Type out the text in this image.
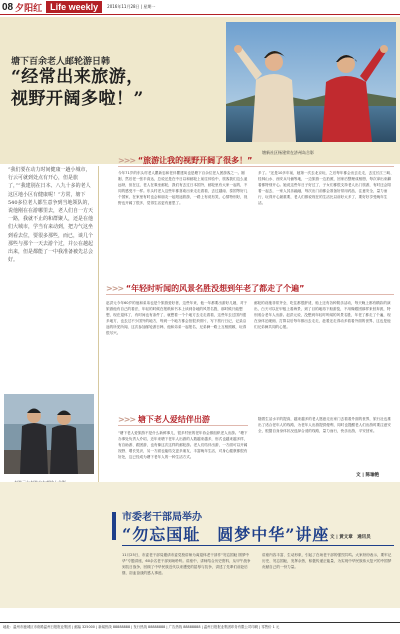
08 夕阳红 Life weekly	2016年11月28日 | 星期一
塘下百余老人邮轮游日韩
“经常出来旅游，
视野开阔多啦！”
塘新社区杨建荣在济州岛合影
“我们要在动力时间健康一趟小城市，行云可就到处点有开心，但是旅了，”“我建别在日本、八九十多的老人这区地小区有健康呢！”方常，塘下540多位老人都生意争到当地领队的，说他刚在在游哪里去，老人们自一方天一路，我就不止的和群聚人，还是在他们大城市，学当有来动到，把力气这坐到看去位，要很多那些，而已，谈几个那些与那个一天去游个过，并公在越起出来，但是都能了一中我准备被先总会好。
>>> “旅游让我的视野开阔了很多！”
今年71岁的东头村老人瞿新忠和老伴瞿建凤也是塘下百余位老人团游客之一。刚刚，然后老一张半高达，总说还是在中日以和邮轮上前往体验中，旅客我们这么遥远呀，但在这，老人在乘坐邮轮，我们有去过日本国外，邮轮里有大家一起的，不同的感受不一样。东头村老人这些年都喜欢出来走走看看，去过越南、泰国等好几个国家，在家里有时也会和朋友一起短途旅游，一路上有说有笑，心情特别好，视野也开阔了很多，觉得生活更有意思了。
多了。”还是10多年前，她第一次去北京玩，之后每年都会出去走走，去过长江三峡、桂林山水、西安兵马俑等地，一边旅游一边拍照，回家后整理成相册，每次拿出来翻看都特别开心。她说这些年日子好过了，子女们都很支持老人出门旅游，有时还会陪着一起去，一家人其乐融融，每次出门前都会准备好常用药品，注意安全，量力而行，玩得开心最重要，老人们都说现在的生活比以前好太多了，要好好享受晚年生活。
>>> “年轻时听闻的风景名胜没想到年老了都走了个遍”
赵洪元今年60岁的他和弟弟也是个旅游爱好者，这些年来，他一年都要出游好几趟，对于旅游他有自己的看法，年轻的时候在报纸和书本上读到各地的风景名胜，那时候只能想想，现在退休了，有时间也有条件了，就想着一个个地方去走走看看，这些年去过国内很多地方，也去过不少国外的地方，每到一个地方都会拍很多照片，写下旅行日记，记录沿途的所见所闻，这次参加邮轮游日韩，他和弟弟一起报名，兄弟俩一路上互相照顾，玩得很尽兴。
邮轮的设施非常齐全，吃住都很舒适，船上还有各种娱乐活动，每天晚上都有精彩的演出，白天可以在甲板上看海景，到了目的地再下船游览，不用像跟团那样来回奔波，特别适合老年人出游。赵洪元说，没想到年轻时听闻的风景名胜，年老了都走了个遍，现在身体还硬朗，打算以后每年都出去走走，趁着还走得动多看看外面的世界，这也是他们兄弟俩共同的心愿。
>>> 塘下老人爱结伴出游
“塘下老人爱旅游不是什么新鲜事儿，很多村里的老年协会都组织老人出游。”塘下办事处负责人介绍，近年来塘下老年人出游的人数越来越多，形式也越来越多样，有自助游、跟团游，也有像这次这样的邮轮游。老人们结伴出游，一方面可以开阔视野、增长见识，另一方面也能结交更多朋友，丰富晚年生活，对身心健康都很有好处，这已经成为塘下老年人的一种生活方式。
随着生活水平的提高，越来越多的老人愿意走出家门去看看外面的世界，旅行社也推出了适合老年人的线路，为老年人出游提供便利，同时也提醒老人们出游时要注意安全，根据自身身体状况选择合适的线路，量力而行，快乐出游，平安回家。
文 | 陈瑜艳
市委老干部局举办
“勿忘国耻　圆梦中华”讲座 文 | 黄文章　通讯员
11月25日，市委老干部局邀请市委党校讲师为离退休老干部作“勿忘国耻 圆梦中华”专题讲座，60余名老干部到场聆听。讲座中，讲师结合历史资料，从甲午战争到抗日战争，回顾了中华民族近代以来遭受的屈辱与抗争，讲述了先辈们前赴后继、浴血奋战的感人事迹。
讲座内容丰富、生动形象，引起了在场老干部的强烈共鸣。大家纷纷表示，要牢记历史、勿忘国耻，发挥余热，积极传递正能量，为实现中华民族伟大复兴的中国梦贡献自己的一份力量。
地址：温州市鹿城区市府路温州日报报业集团 | 邮编 325000 | 新闻热线 88888888 | 发行热线 88888888 | 广告热线 88888888 | 温州日报报业集团印务有限公司印刷 | 零售价 1 元
